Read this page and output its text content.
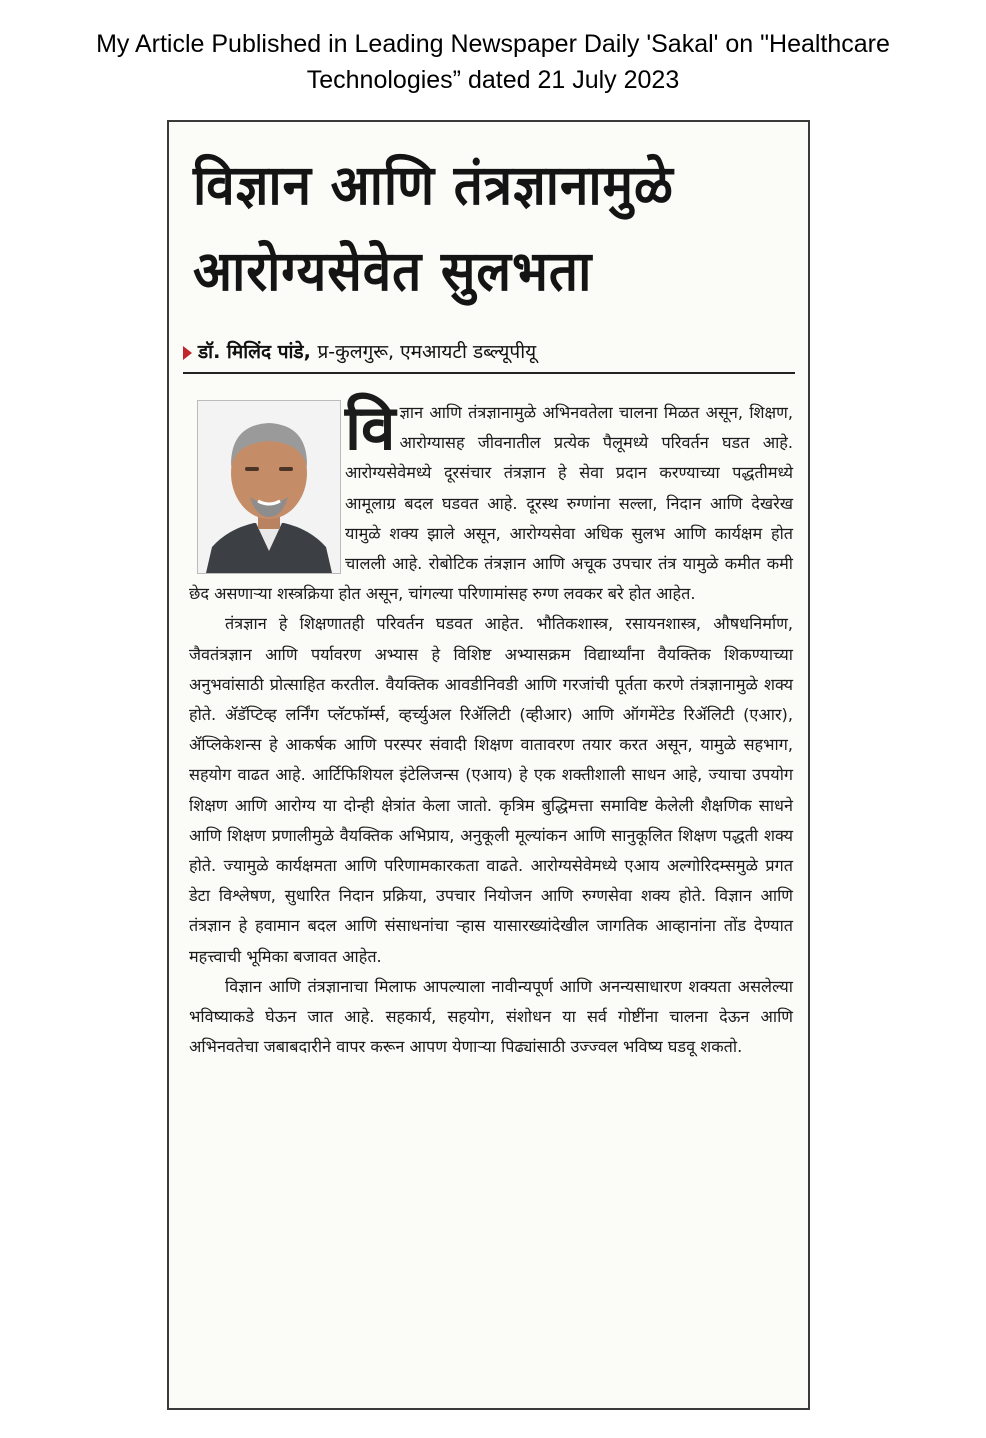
My Article Published in Leading Newspaper Daily 'Sakal' on "Healthcare
Technologies” dated 21 July 2023
विज्ञान आणि तंत्रज्ञानामुळे
आरोग्यसेवेत सुलभता
डॉ. मिलिंद पांडे, प्र-कुलगुरू, एमआयटी डब्ल्यूपीयू

विज्ञान आणि तंत्रज्ञानामुळे अभिनवतेला चालना मिळत असून, शिक्षण, आरोग्यासह जीवनातील प्रत्येक पैलूमध्ये परिवर्तन घडत आहे. आरोग्यसेवेमध्ये दूरसंचार तंत्रज्ञान हे सेवा प्रदान करण्याच्या पद्धतीमध्ये आमूलाग्र बदल घडवत आहे. दूरस्थ रुग्णांना सल्ला, निदान आणि देखरेख यामुळे शक्य झाले असून, आरोग्यसेवा अधिक सुलभ आणि कार्यक्षम होत चालली आहे. रोबोटिक तंत्रज्ञान आणि अचूक उपचार तंत्र यामुळे कमीत कमी छेद असणाऱ्या शस्त्रक्रिया होत असून, चांगल्या परिणामांसह रुग्ण लवकर बरे होत आहेत.

तंत्रज्ञान हे शिक्षणातही परिवर्तन घडवत आहेत. भौतिकशास्त्र, रसायनशास्त्र, औषधनिर्माण, जैवतंत्रज्ञान आणि पर्यावरण अभ्यास हे विशिष्ट अभ्यासक्रम विद्यार्थ्यांना वैयक्तिक शिकण्याच्या अनुभवांसाठी प्रोत्साहित करतील. वैयक्तिक आवडीनिवडी आणि गरजांची पूर्तता करणे तंत्रज्ञानामुळे शक्य होते. ॲडॅप्टिव्ह लर्निंग प्लॅटफॉर्म्स, व्हर्च्युअल रिॲलिटी (व्हीआर) आणि ऑगमेंटेड रिॲलिटी (एआर), ॲप्लिकेशन्स हे आकर्षक आणि परस्पर संवादी शिक्षण वातावरण तयार करत असून, यामुळे सहभाग, सहयोग वाढत आहे. आर्टिफिशियल इंटेलिजन्स (एआय) हे एक शक्तीशाली साधन आहे, ज्याचा उपयोग शिक्षण आणि आरोग्य या दोन्ही क्षेत्रांत केला जातो. कृत्रिम बुद्धिमत्ता समाविष्ट केलेली शैक्षणिक साधने आणि शिक्षण प्रणालीमुळे वैयक्तिक अभिप्राय, अनुकूली मूल्यांकन आणि सानुकूलित शिक्षण पद्धती शक्य होते. ज्यामुळे कार्यक्षमता आणि परिणामकारकता वाढते. आरोग्यसेवेमध्ये एआय अल्गोरिदम्समुळे प्रगत डेटा विश्लेषण, सुधारित निदान प्रक्रिया, उपचार नियोजन आणि रुग्णसेवा शक्य होते. विज्ञान आणि तंत्रज्ञान हे हवामान बदल आणि संसाधनांचा ऱ्हास यासारख्यांदेखील जागतिक आव्हानांना तोंड देण्यात महत्त्वाची भूमिका बजावत आहेत.

विज्ञान आणि तंत्रज्ञानाचा मिलाफ आपल्याला नावीन्यपूर्ण आणि अनन्यसाधारण शक्यता असलेल्या भविष्याकडे घेऊन जात आहे. सहकार्य, सहयोग, संशोधन या सर्व गोष्टींना चालना देऊन आणि अभिनवतेचा जबाबदारीने वापर करून आपण येणाऱ्या पिढ्यांसाठी उज्ज्वल भविष्य घडवू शकतो.
